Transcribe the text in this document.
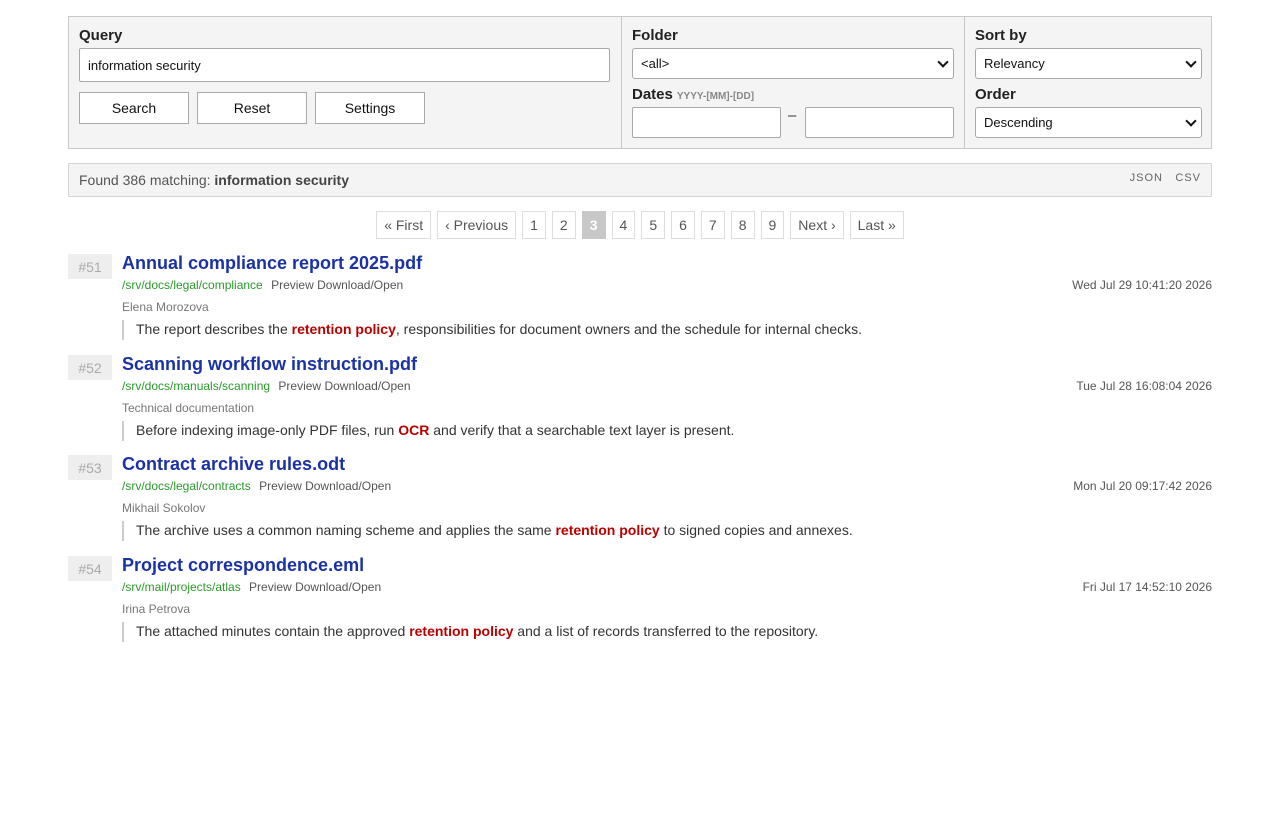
Query
information security
Search	Reset	Settings
Folder
<all>
Dates YYYY-[MM]-[DD]
–
Sort by
Relevancy
Order
Descending
Found 386 matching: information security	JSON CSV
« First ‹ Previous 1 2 3 4 5 6 7 8 9 Next › Last »
#51	Annual compliance report 2025.pdf
/srv/docs/legal/compliance Preview Download/Open	Wed Jul 29 10:41:20 2026
Elena Morozova
The report describes the retention policy, responsibilities for document owners and the schedule for internal checks.
#52	Scanning workflow instruction.pdf
/srv/docs/manuals/scanning Preview Download/Open	Tue Jul 28 16:08:04 2026
Technical documentation
Before indexing image-only PDF files, run OCR and verify that a searchable text layer is present.
#53	Contract archive rules.odt
/srv/docs/legal/contracts Preview Download/Open	Mon Jul 20 09:17:42 2026
Mikhail Sokolov
The archive uses a common naming scheme and applies the same retention policy to signed copies and annexes.
#54	Project correspondence.eml
/srv/mail/projects/atlas Preview Download/Open	Fri Jul 17 14:52:10 2026
Irina Petrova
The attached minutes contain the approved retention policy and a list of records transferred to the repository.
